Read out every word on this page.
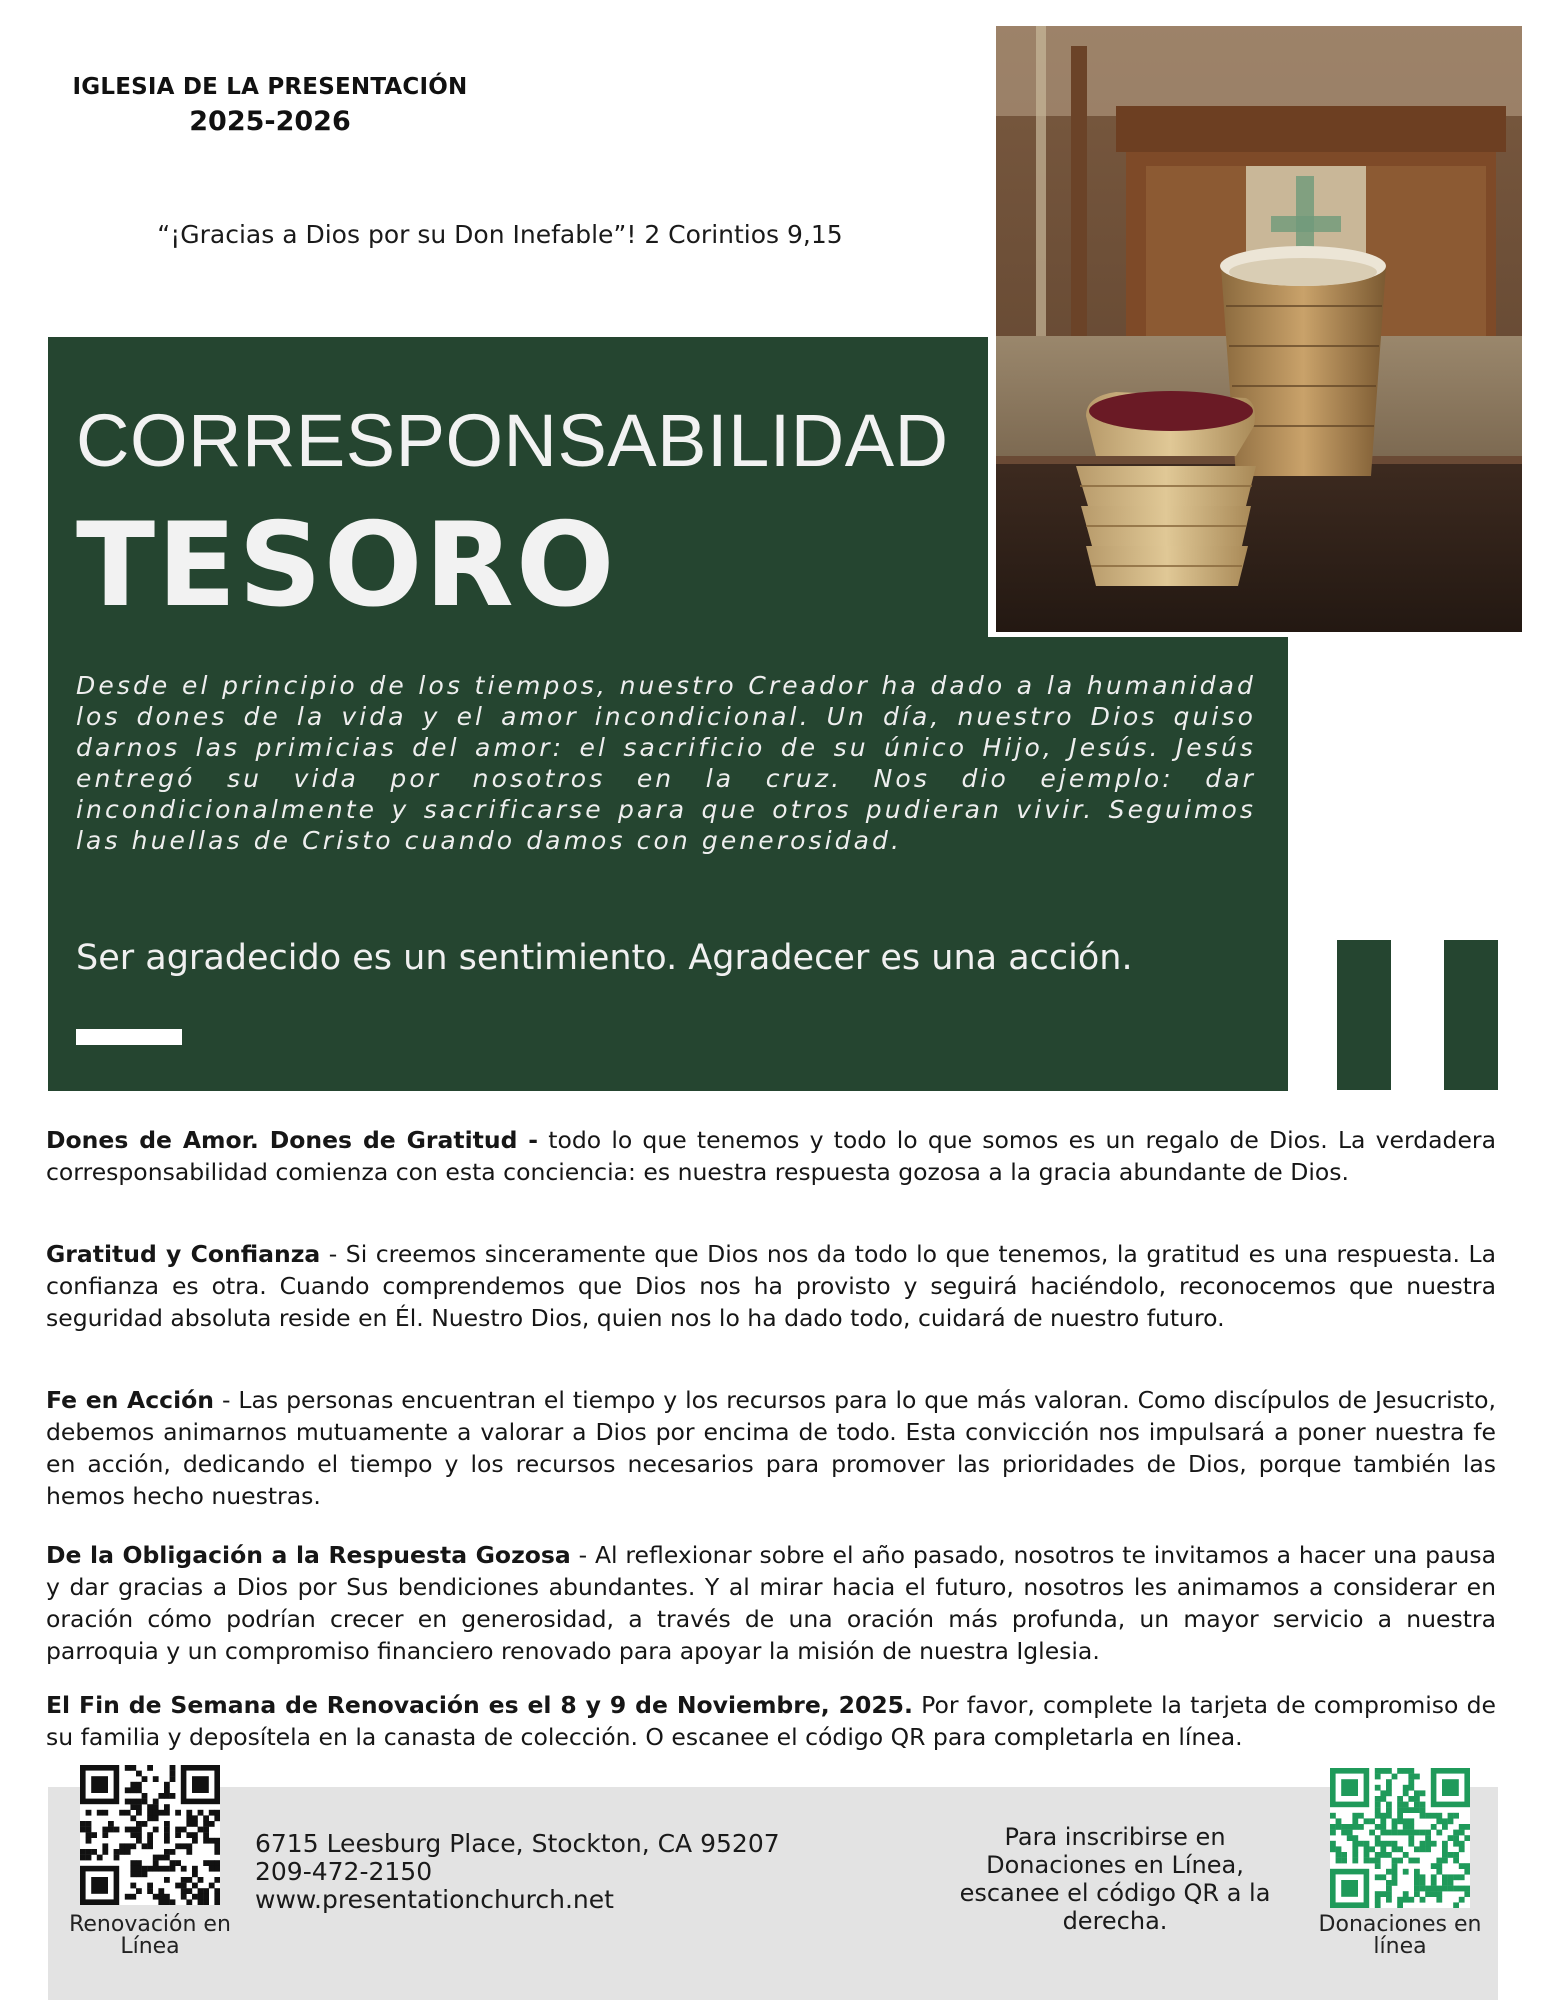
IGLESIA DE LA PRESENTACIÓN
2025-2026
“¡Gracias a Dios por su Don Inefable”! 2 Corintios 9,15
CORRESPONSABILIDAD
TESORO
Desde el principio de los tiempos, nuestro Creador ha dado a la humanidad los dones de la vida y el amor incondicional. Un día, nuestro Dios quiso darnos las primicias del amor: el sacrificio de su único Hijo, Jesús. Jesús entregó su vida por nosotros en la cruz. Nos dio ejemplo: dar incondicionalmente y sacrificarse para que otros pudieran vivir. Seguimos las huellas de Cristo cuando damos con generosidad.
Ser agradecido es un sentimiento. Agradecer es una acción.
Dones de Amor. Dones de Gratitud - todo lo que tenemos y todo lo que somos es un regalo de Dios. La verdadera corresponsabilidad comienza con esta conciencia: es nuestra respuesta gozosa a la gracia abundante de Dios.
Gratitud y Confianza - Si creemos sinceramente que Dios nos da todo lo que tenemos, la gratitud es una respuesta. La confianza es otra. Cuando comprendemos que Dios nos ha provisto y seguirá haciéndolo, reconocemos que nuestra seguridad absoluta reside en Él. Nuestro Dios, quien nos lo ha dado todo, cuidará de nuestro futuro.
Fe en Acción - Las personas encuentran el tiempo y los recursos para lo que más valoran. Como discípulos de Jesucristo, debemos animarnos mutuamente a valorar a Dios por encima de todo. Esta convicción nos impulsará a poner nuestra fe en acción, dedicando el tiempo y los recursos necesarios para promover las prioridades de Dios, porque también las hemos hecho nuestras.
De la Obligación a la Respuesta Gozosa - Al reflexionar sobre el año pasado, nosotros te invitamos a hacer una pausa y dar gracias a Dios por Sus bendiciones abundantes. Y al mirar hacia el futuro, nosotros les animamos a considerar en oración cómo podrían crecer en generosidad, a través de una oración más profunda, un mayor servicio a nuestra parroquia y un compromiso financiero renovado para apoyar la misión de nuestra Iglesia.
El Fin de Semana de Renovación es el 8 y 9 de Noviembre, 2025. Por favor, complete la tarjeta de compromiso de su familia y deposítela en la canasta de colección. O escanee el código QR para completarla en línea.
Renovación en Línea
6715 Leesburg Place, Stockton, CA 95207
209-472-2150
www.presentationchurch.net
Para inscribirse en Donaciones en Línea, escanee el código QR a la derecha.	Donaciones en línea
